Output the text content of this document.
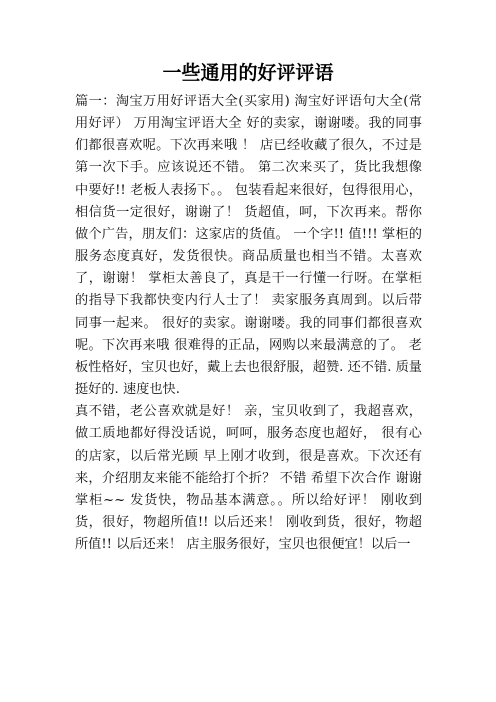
一些通用的好评评语

篇一：淘宝万用好评语大全(买家用) 淘宝好评语句大全(常用好评） 万用淘宝评语大全 好的卖家，谢谢喽。我的同事们都很喜欢呢。下次再来哦 ！ 店已经收藏了很久，不过是第一次下手。应该说还不错。 第二次来买了，货比我想像中要好!! 老板人表扬下。。 包装看起来很好，包得很用心，相信货一定很好，谢谢了！ 货超值，呵，下次再来。帮你做个广告，朋友们：这家店的货值。 一个字!! 值!!! 掌柜的服务态度真好，发货很快。商品质量也相当不错。太喜欢了，谢谢！ 掌柜太善良了，真是干一行懂一行呀。在掌柜的指导下我都快变内行人士了！ 卖家服务真周到。以后带同事一起来。 很好的卖家。谢谢喽。我的同事们都很喜欢呢。下次再来哦 很难得的正品，网购以来最满意的了。 老板性格好，宝贝也好，戴上去也很舒服，超赞. 还不错. 质量挺好的. 速度也快.

真不错，老公喜欢就是好！ 亲，宝贝收到了，我超喜欢，做工质地都好得没话说，呵呵，服务态度也超好， 很有心的店家，以后常光顾 早上刚才收到，很是喜欢。下次还有来，介绍朋友来能不能给打个折？ 不错 希望下次合作 谢谢掌柜~~ 发货快，物品基本满意。。所以给好评！ 刚收到货，很好，物超所值!! 以后还来！ 刚收到货，很好，物超所值!! 以后还来！ 店主服务很好，宝贝也很便宜！以后一
